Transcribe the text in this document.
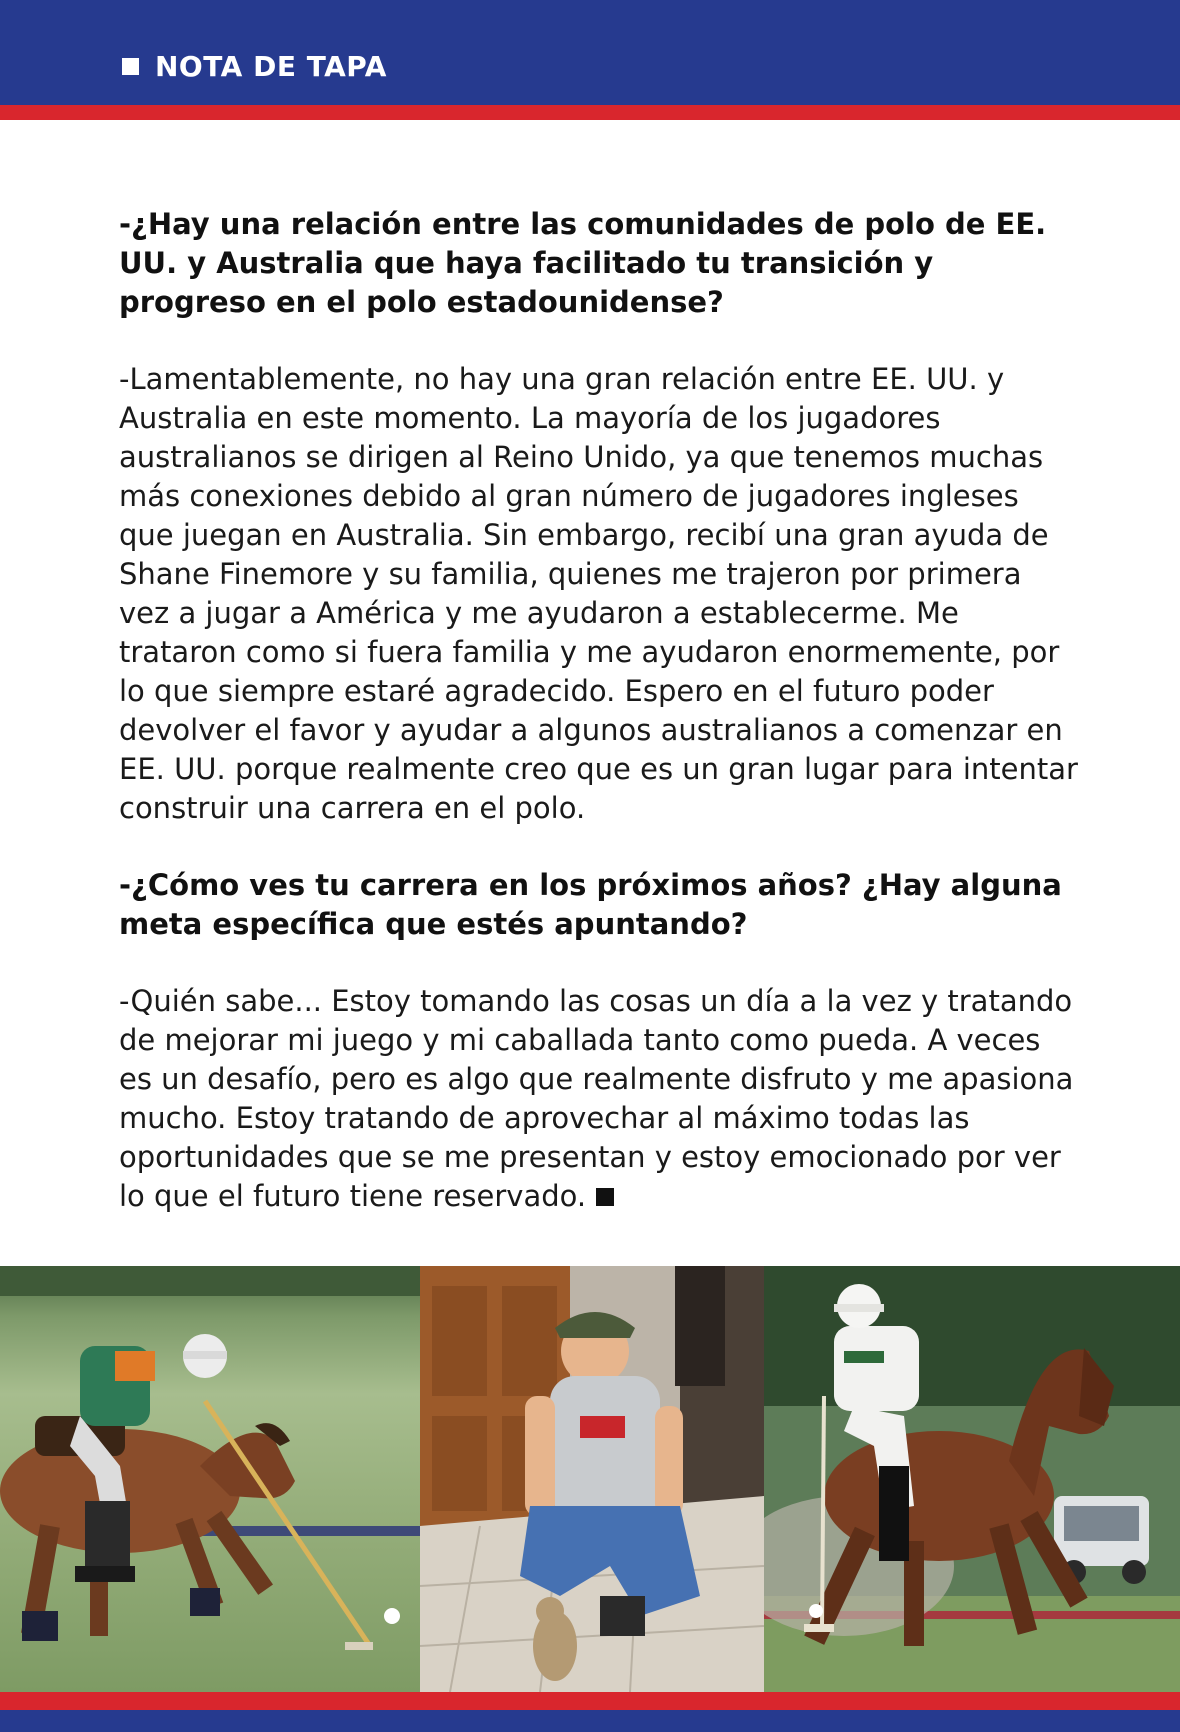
NOTA DE TAPA

-¿Hay una relación entre las comunidades de polo de EE. UU. y Australia que haya facilitado tu transición y progreso en el polo estadounidense?

-Lamentablemente, no hay una gran relación entre EE. UU. y Australia en este momento. La mayoría de los jugadores australianos se dirigen al Reino Unido, ya que tenemos muchas más conexiones debido al gran número de jugadores ingleses que juegan en Australia. Sin embargo, recibí una gran ayuda de Shane Finemore y su familia, quienes me trajeron por primera vez a jugar a América y me ayudaron a establecerme. Me trataron como si fuera familia y me ayudaron enormemente, por lo que siempre estaré agradecido. Espero en el futuro poder devolver el favor y ayudar a algunos australianos a comenzar en EE. UU. porque realmente creo que es un gran lugar para intentar construir una carrera en el polo.

-¿Cómo ves tu carrera en los próximos años? ¿Hay alguna meta específica que estés apuntando?

-Quién sabe... Estoy tomando las cosas un día a la vez y tratando de mejorar mi juego y mi caballada tanto como pueda. A veces es un desafío, pero es algo que realmente disfruto y me apasiona mucho. Estoy tratando de aprovechar al máximo todas las oportunidades que se me presentan y estoy emocionado por ver lo que el futuro tiene reservado.
